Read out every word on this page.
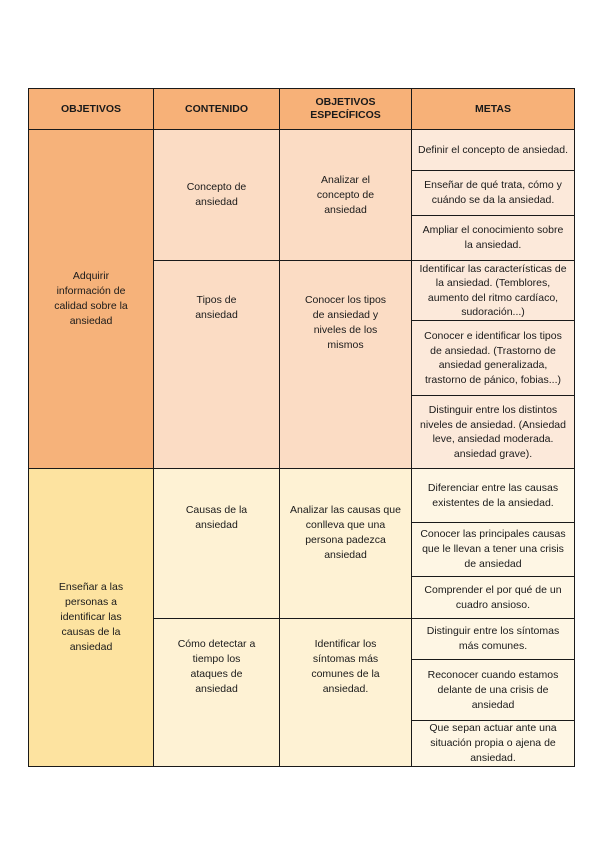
OBJETIVOS	CONTENIDO
OBJETIVOS ESPECÍFICOS
METAS
Adquirir información de calidad sobre la ansiedad
Concepto de ansiedad
Analizar el concepto de ansiedad
Definir el concepto de ansiedad.
Enseñar de qué trata, cómo y cuándo se da la ansiedad.
Ampliar el conocimiento sobre la ansiedad.
Tipos de ansiedad
Conocer los tipos de ansiedad y niveles de los mismos
Identificar las características de la ansiedad. (Temblores, aumento del ritmo cardíaco, sudoración...)
Conocer e identificar los tipos de ansiedad. (Trastorno de ansiedad generalizada, trastorno de pánico, fobias...)
Distinguir entre los distintos niveles de ansiedad. (Ansiedad leve, ansiedad moderada. ansiedad grave).
Enseñar a las personas a identificar las causas de la ansiedad
Causas de la ansiedad
Analizar las causas que conlleva que una persona padezca ansiedad
Diferenciar entre las causas existentes de la ansiedad.
Conocer las principales causas que le llevan a tener una crisis de ansiedad
Comprender el por qué de un cuadro ansioso.
Cómo detectar a tiempo los ataques de ansiedad
Identificar los síntomas más comunes de la ansiedad.
Distinguir entre los síntomas más comunes.
Reconocer cuando estamos delante de una crisis de ansiedad
Que sepan actuar ante una situación propia o ajena de ansiedad.
